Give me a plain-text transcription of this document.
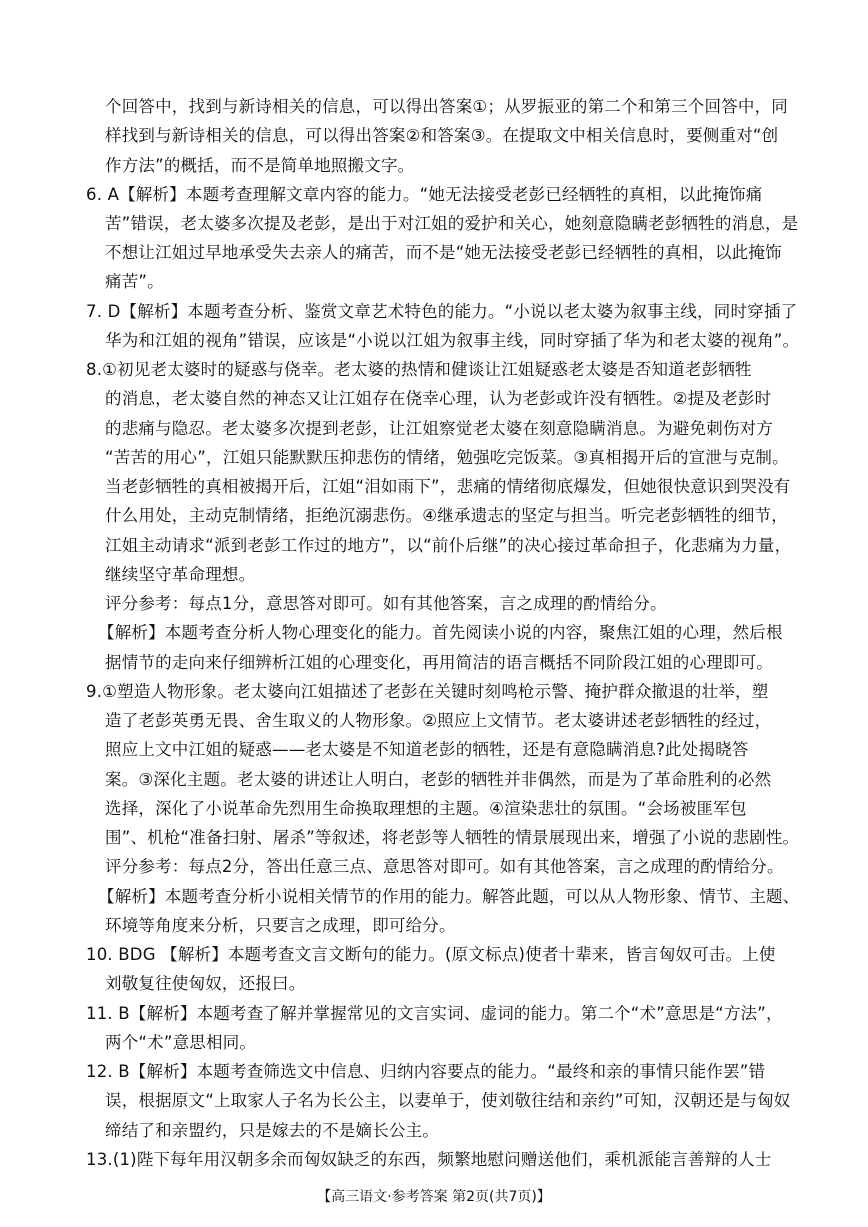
个回答中，找到与新诗相关的信息，可以得出答案①；从罗振亚的第二个和第三个回答中，同
样找到与新诗相关的信息，可以得出答案②和答案③。在提取文中相关信息时，要侧重对“创
作方法”的概括，而不是简单地照搬文字。
6. A【解析】本题考查理解文章内容的能力。“她无法接受老彭已经牺牲的真相，以此掩饰痛
苦”错误，老太婆多次提及老彭，是出于对江姐的爱护和关心，她刻意隐瞒老彭牺牲的消息，是
不想让江姐过早地承受失去亲人的痛苦，而不是“她无法接受老彭已经牺牲的真相，以此掩饰
痛苦”。
7. D【解析】本题考查分析、鉴赏文章艺术特色的能力。“小说以老太婆为叙事主线，同时穿插了
华为和江姐的视角”错误，应该是“小说以江姐为叙事主线，同时穿插了华为和老太婆的视角”。
8.①初见老太婆时的疑惑与侥幸。老太婆的热情和健谈让江姐疑惑老太婆是否知道老彭牺牲
的消息，老太婆自然的神态又让江姐存在侥幸心理，认为老彭或许没有牺牲。②提及老彭时
的悲痛与隐忍。老太婆多次提到老彭，让江姐察觉老太婆在刻意隐瞒消息。为避免刺伤对方
“苦苦的用心”，江姐只能默默压抑悲伤的情绪，勉强吃完饭菜。③真相揭开后的宣泄与克制。
当老彭牺牲的真相被揭开后，江姐“泪如雨下”，悲痛的情绪彻底爆发，但她很快意识到哭没有
什么用处，主动克制情绪，拒绝沉溺悲伤。④继承遗志的坚定与担当。听完老彭牺牲的细节，
江姐主动请求“派到老彭工作过的地方”，以“前仆后继”的决心接过革命担子，化悲痛为力量，
继续坚守革命理想。
评分参考：每点1分，意思答对即可。如有其他答案，言之成理的酌情给分。
【解析】本题考查分析人物心理变化的能力。首先阅读小说的内容，聚焦江姐的心理，然后根
据情节的走向来仔细辨析江姐的心理变化，再用简洁的语言概括不同阶段江姐的心理即可。
9.①塑造人物形象。老太婆向江姐描述了老彭在关键时刻鸣枪示警、掩护群众撤退的壮举，塑
造了老彭英勇无畏、舍生取义的人物形象。②照应上文情节。老太婆讲述老彭牺牲的经过，
照应上文中江姐的疑惑——老太婆是不知道老彭的牺牲，还是有意隐瞒消息?此处揭晓答
案。③深化主题。老太婆的讲述让人明白，老彭的牺牲并非偶然，而是为了革命胜利的必然
选择，深化了小说革命先烈用生命换取理想的主题。④渲染悲壮的氛围。“会场被匪军包
围”、机枪“准备扫射、屠杀”等叙述，将老彭等人牺牲的情景展现出来，增强了小说的悲剧性。
评分参考：每点2分，答出任意三点、意思答对即可。如有其他答案，言之成理的酌情给分。
【解析】本题考查分析小说相关情节的作用的能力。解答此题，可以从人物形象、情节、主题、
环境等角度来分析，只要言之成理，即可给分。
10. BDG 【解析】本题考查文言文断句的能力。(原文标点)使者十辈来，皆言匈奴可击。上使
刘敬复往使匈奴，还报曰。
11. B【解析】本题考查了解并掌握常见的文言实词、虚词的能力。第二个“术”意思是“方法”，
两个“术”意思相同。
12. B【解析】本题考查筛选文中信息、归纳内容要点的能力。“最终和亲的事情只能作罢”错
误，根据原文“上取家人子名为长公主，以妻单于，使刘敬往结和亲约”可知，汉朝还是与匈奴
缔结了和亲盟约，只是嫁去的不是嫡长公主。
13.(1)陛下每年用汉朝多余而匈奴缺乏的东西，频繁地慰问赠送他们，乘机派能言善辩的人士
【高三语文·参考答案 第2页(共7页)】
